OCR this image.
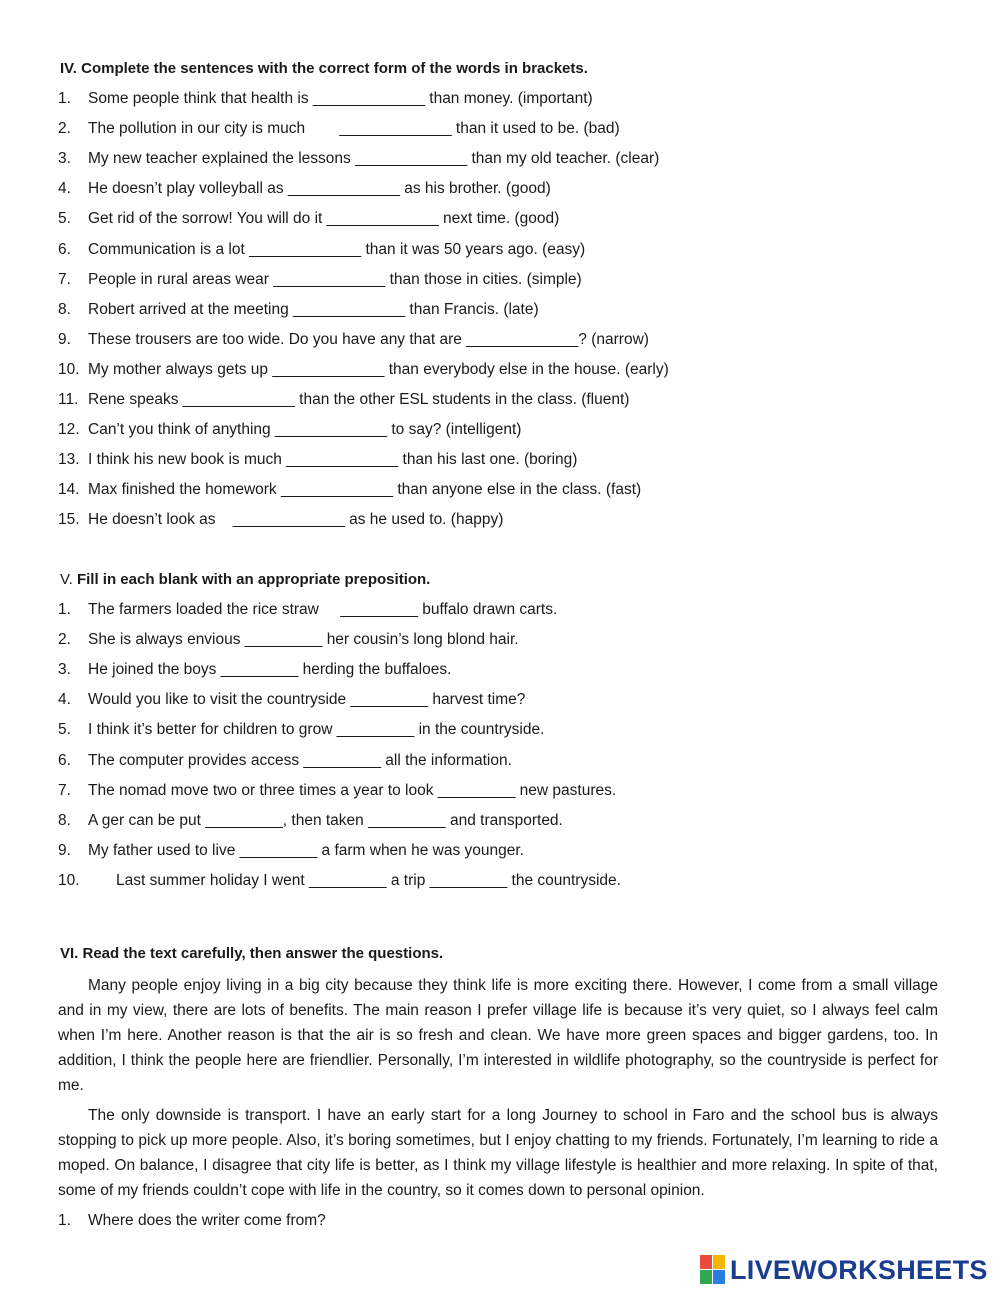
IV. Complete the sentences with the correct form of the words in brackets.
1. Some people think that health is _____________ than money. (important)
2. The pollution in our city is much        _____________ than it used to be. (bad)
3. My new teacher explained the lessons _____________ than my old teacher. (clear)
4. He doesn’t play volleyball as _____________ as his brother. (good)
5. Get rid of the sorrow! You will do it _____________ next time. (good)
6. Communication is a lot _____________ than it was 50 years ago. (easy)
7. People in rural areas wear _____________ than those in cities. (simple)
8. Robert arrived at the meeting _____________ than Francis. (late)
9. These trousers are too wide. Do you have any that are _____________? (narrow)
10. My mother always gets up _____________ than everybody else in the house. (early)
11. Rene speaks _____________ than the other ESL students in the class. (fluent)
12. Can’t you think of anything _____________ to say? (intelligent)
13. I think his new book is much _____________ than his last one. (boring)
14. Max finished the homework _____________ than anyone else in the class. (fast)
15. He doesn’t look as    _____________ as he used to. (happy)
V. Fill in each blank with an appropriate preposition.
1. The farmers loaded the rice straw     _________ buffalo drawn carts.
2. She is always envious _________ her cousin’s long blond hair.
3. He joined the boys _________ herding the buffaloes.
4. Would you like to visit the countryside _________ harvest time?
5. I think it’s better for children to grow _________ in the countryside.
6. The computer provides access _________ all the information.
7. The nomad move two or three times a year to look _________ new pastures.
8. A ger can be put _________, then taken _________ and transported.
9. My father used to live _________ a farm when he was younger.
10. Last summer holiday I went _________ a trip _________ the countryside.
VI. Read the text carefully, then answer the questions.
Many people enjoy living in a big city because they think life is more exciting there. However, I come from a small village and in my view, there are lots of benefits. The main reason I prefer village life is because it’s very quiet, so I always feel calm when I’m here. Another reason is that the air is so fresh and clean. We have more green spaces and bigger gardens, too. In addition, I think the people here are friendlier. Personally, I’m interested in wildlife photography, so the countryside is perfect for me.
The only downside is transport. I have an early start for a long Journey to school in Faro and the school bus is always stopping to pick up more people. Also, it’s boring sometimes, but I enjoy chatting to my friends. Fortunately, I’m learning to ride a moped. On balance, I disagree that city life is better, as I think my village lifestyle is healthier and more relaxing. In spite of that, some of my friends couldn’t cope with life in the country, so it comes down to personal opinion.
1. Where does the writer come from?
LIVEWORKSHEETS
